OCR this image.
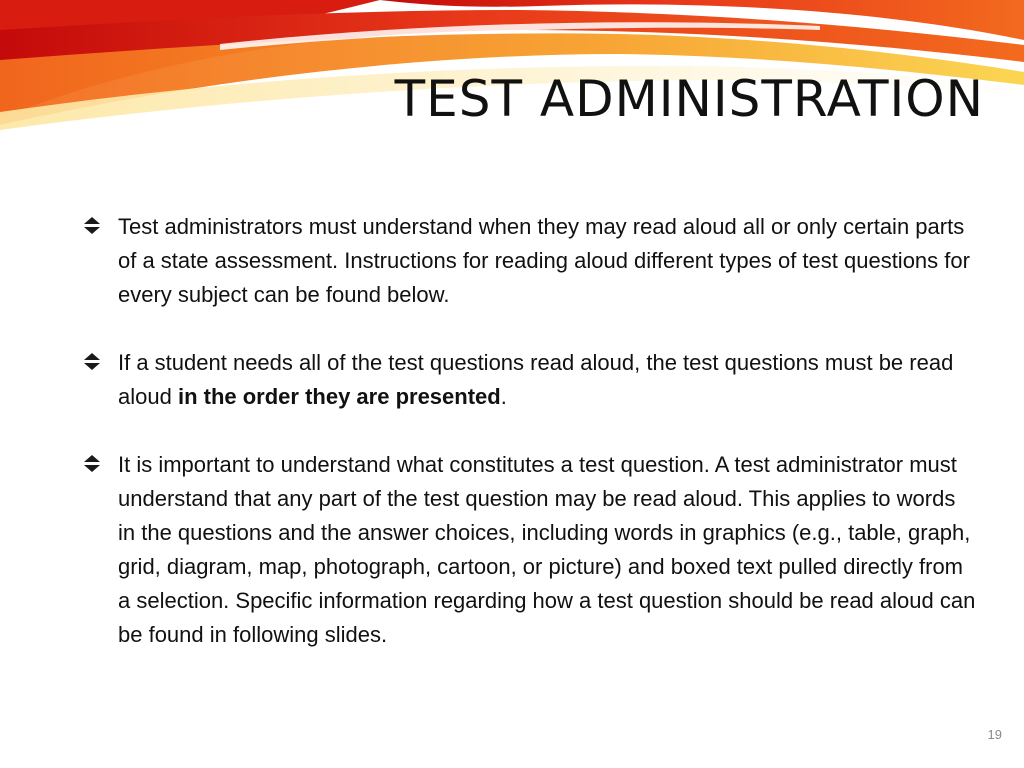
TEST ADMINISTRATION
Test administrators must understand when they may read aloud all or only certain parts of a state assessment. Instructions for reading aloud different types of test questions for every subject can be found below.
If a student needs all of the test questions read aloud, the test questions must be read aloud in the order they are presented.
It is important to understand what constitutes a test question. A test administrator must understand that any part of the test question may be read aloud. This applies to words in the questions and the answer choices, including words in graphics (e.g., table, graph, grid, diagram, map, photograph, cartoon, or picture) and boxed text pulled directly from a selection. Specific information regarding how a test question should be read aloud can be found in following slides.
19
